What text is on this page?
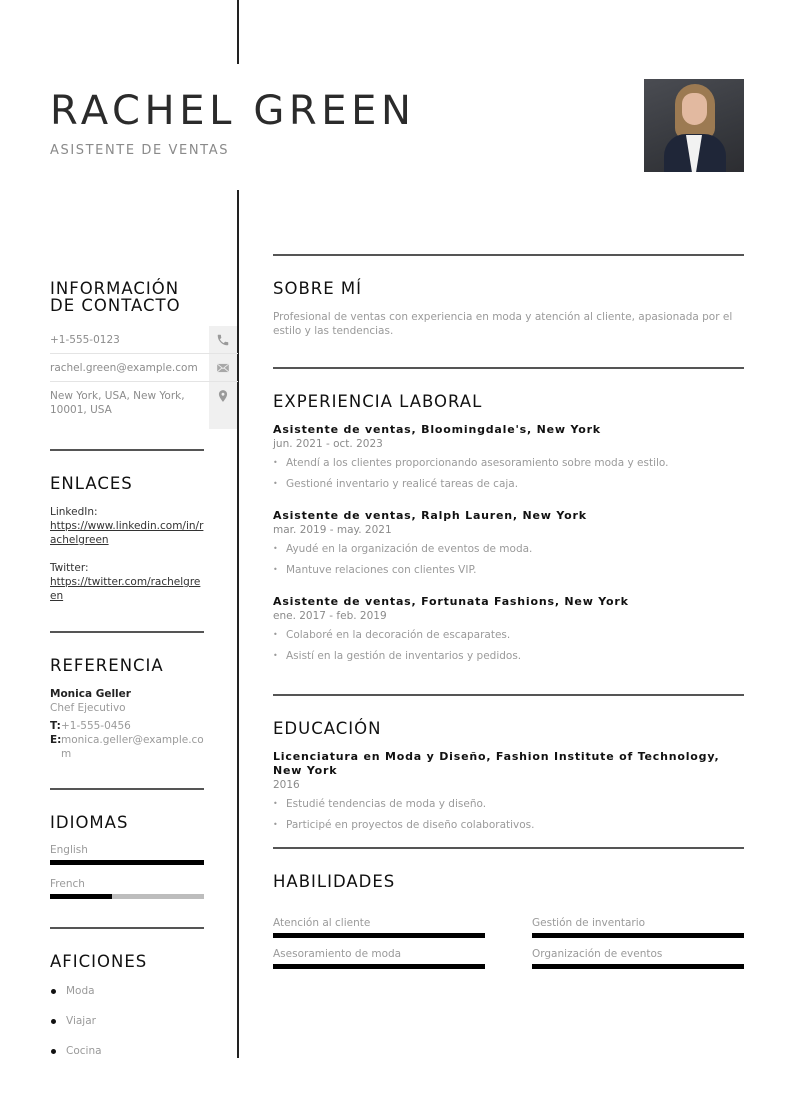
RACHEL GREEN
ASISTENTE DE VENTAS
INFORMACIÓN
DE CONTACTO
+1-555-0123
rachel.green@example.com
New York, USA, New York, 10001, USA
ENLACES
LinkedIn:
https://www.linkedin.com/in/rachelgreen
Twitter:
https://twitter.com/rachelgreen
REFERENCIA
Monica Geller
Chef Ejecutivo
T: +1-555-0456
E: monica.geller@example.com
IDIOMAS
English
French
AFICIONES
Moda
Viajar
Cocina
SOBRE MÍ
Profesional de ventas con experiencia en moda y atención al cliente, apasionada por el estilo y las tendencias.
EXPERIENCIA LABORAL
Asistente de ventas, Bloomingdale's, New York
jun. 2021 - oct. 2023
• Atendí a los clientes proporcionando asesoramiento sobre moda y estilo.
• Gestioné inventario y realicé tareas de caja.
Asistente de ventas, Ralph Lauren, New York
mar. 2019 - may. 2021
• Ayudé en la organización de eventos de moda.
• Mantuve relaciones con clientes VIP.
Asistente de ventas, Fortunata Fashions, New York
ene. 2017 - feb. 2019
• Colaboré en la decoración de escaparates.
• Asistí en la gestión de inventarios y pedidos.
EDUCACIÓN
Licenciatura en Moda y Diseño, Fashion Institute of Technology, New York
2016
• Estudié tendencias de moda y diseño.
• Participé en proyectos de diseño colaborativos.
HABILIDADES
Atención al cliente	Gestión de inventario
Asesoramiento de moda	Organización de eventos
